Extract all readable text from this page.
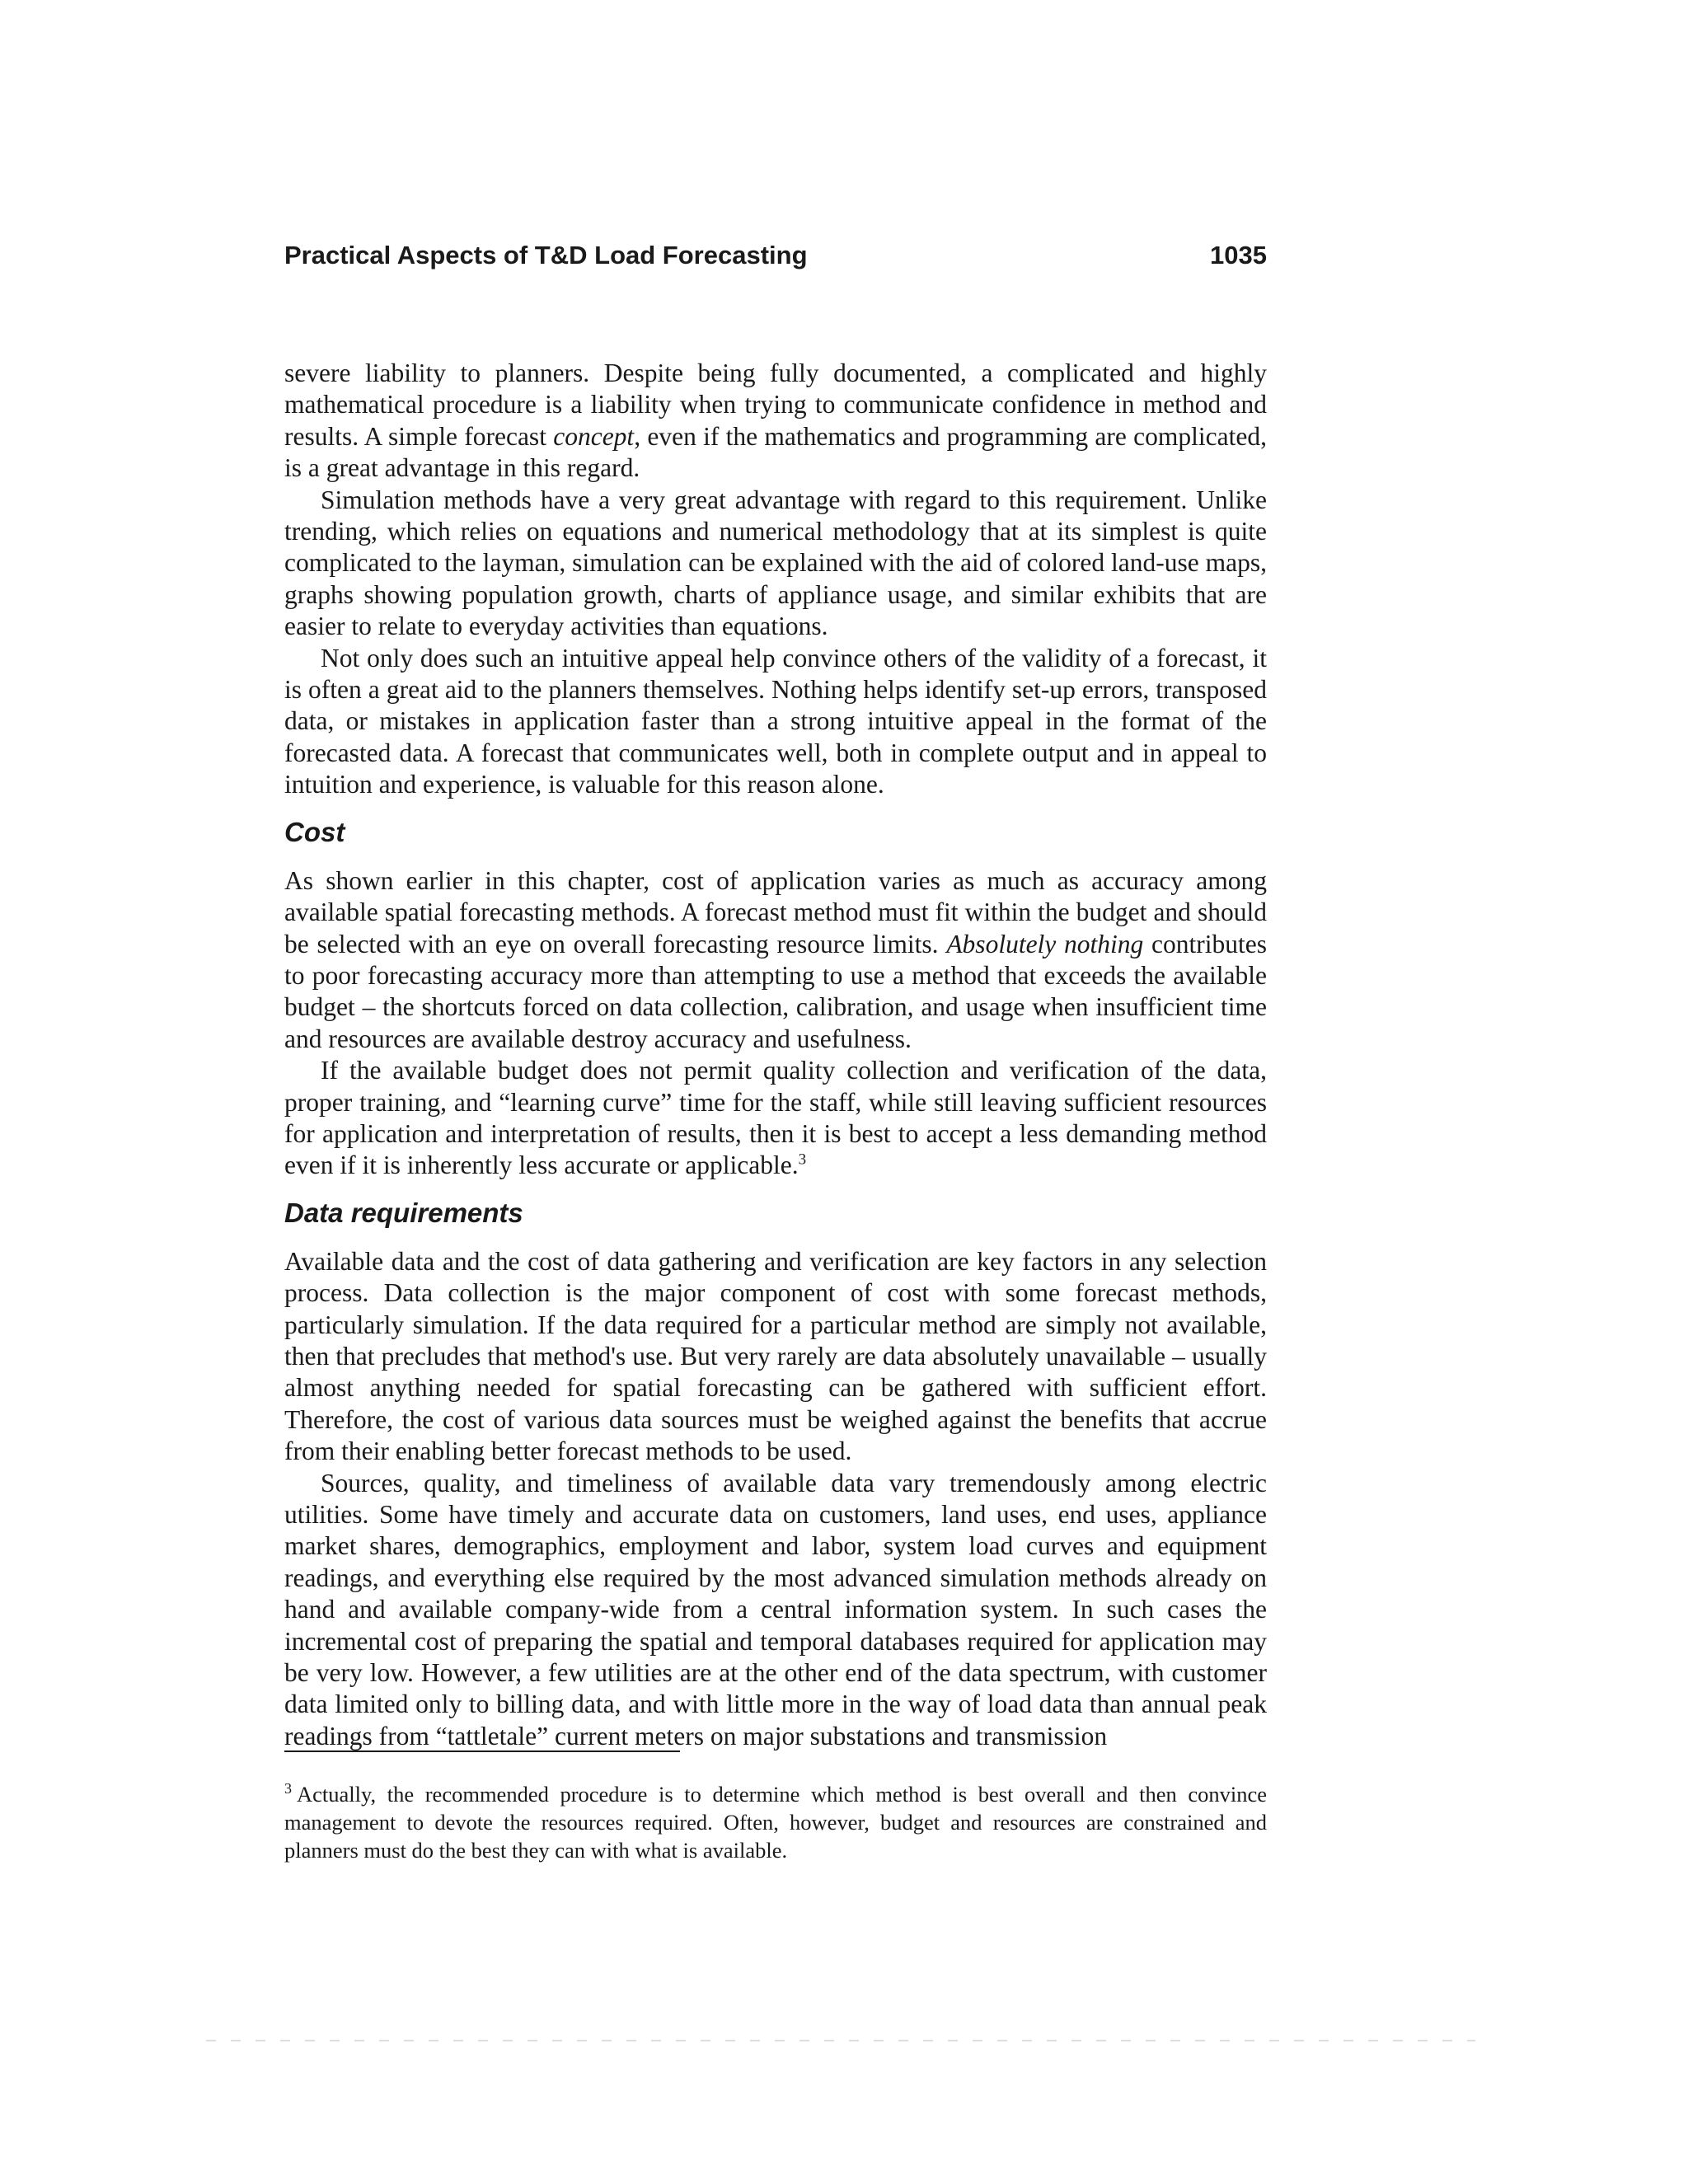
Practical Aspects of T&D Load Forecasting	1035

severe liability to planners. Despite being fully documented, a complicated and highly mathematical procedure is a liability when trying to communicate confidence in method and results. A simple forecast concept, even if the mathematics and programming are complicated, is a great advantage in this regard.

Simulation methods have a very great advantage with regard to this requirement. Unlike trending, which relies on equations and numerical methodology that at its simplest is quite complicated to the layman, simulation can be explained with the aid of colored land-use maps, graphs showing population growth, charts of appliance usage, and similar exhibits that are easier to relate to everyday activities than equations.

Not only does such an intuitive appeal help convince others of the validity of a forecast, it is often a great aid to the planners themselves. Nothing helps identify set-up errors, transposed data, or mistakes in application faster than a strong intuitive appeal in the format of the forecasted data. A forecast that communicates well, both in complete output and in appeal to intuition and experience, is valuable for this reason alone.

Cost

As shown earlier in this chapter, cost of application varies as much as accuracy among available spatial forecasting methods. A forecast method must fit within the budget and should be selected with an eye on overall forecasting resource limits. Absolutely nothing contributes to poor forecasting accuracy more than attempting to use a method that exceeds the available budget – the shortcuts forced on data collection, calibration, and usage when insufficient time and resources are available destroy accuracy and usefulness.

If the available budget does not permit quality collection and verification of the data, proper training, and “learning curve” time for the staff, while still leaving sufficient resources for application and interpretation of results, then it is best to accept a less demanding method even if it is inherently less accurate or applicable.$^3$

Data requirements

Available data and the cost of data gathering and verification are key factors in any selection process. Data collection is the major component of cost with some forecast methods, particularly simulation. If the data required for a particular method are simply not available, then that precludes that method's use. But very rarely are data absolutely unavailable – usually almost anything needed for spatial forecasting can be gathered with sufficient effort. Therefore, the cost of various data sources must be weighed against the benefits that accrue from their enabling better forecast methods to be used.

Sources, quality, and timeliness of available data vary tremendously among electric utilities. Some have timely and accurate data on customers, land uses, end uses, appliance market shares, demographics, employment and labor, system load curves and equipment readings, and everything else required by the most advanced simulation methods already on hand and available company-wide from a central information system. In such cases the incremental cost of preparing the spatial and temporal databases required for application may be very low. However, a few utilities are at the other end of the data spectrum, with customer data limited only to billing data, and with little more in the way of load data than annual peak readings from “tattletale” current meters on major substations and transmission

$^3$ Actually, the recommended procedure is to determine which method is best overall and then convince management to devote the resources required. Often, however, budget and resources are constrained and planners must do the best they can with what is available.
